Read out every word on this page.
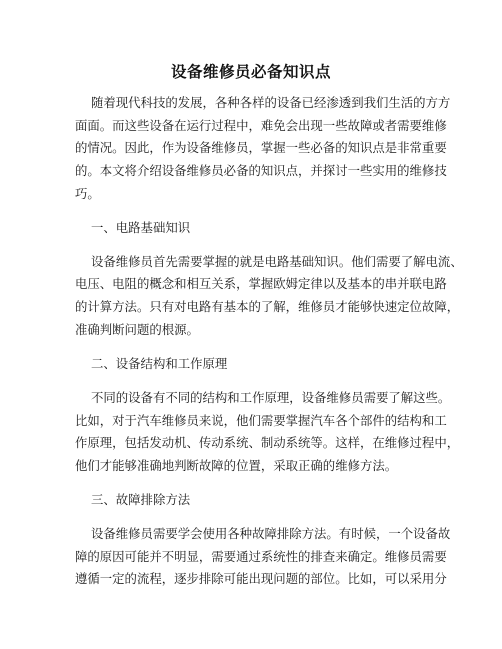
设备维修员必备知识点
随着现代科技的发展，各种各样的设备已经渗透到我们生活的方方
面面。而这些设备在运行过程中，难免会出现一些故障或者需要维修
的情况。因此，作为设备维修员，掌握一些必备的知识点是非常重要
的。本文将介绍设备维修员必备的知识点，并探讨一些实用的维修技
巧。
一、电路基础知识
设备维修员首先需要掌握的就是电路基础知识。他们需要了解电流、
电压、电阻的概念和相互关系，掌握欧姆定律以及基本的串并联电路
的计算方法。只有对电路有基本的了解，维修员才能够快速定位故障，
准确判断问题的根源。
二、设备结构和工作原理
不同的设备有不同的结构和工作原理，设备维修员需要了解这些。
比如，对于汽车维修员来说，他们需要掌握汽车各个部件的结构和工
作原理，包括发动机、传动系统、制动系统等。这样，在维修过程中，
他们才能够准确地判断故障的位置，采取正确的维修方法。
三、故障排除方法
设备维修员需要学会使用各种故障排除方法。有时候，一个设备故
障的原因可能并不明显，需要通过系统性的排查来确定。维修员需要
遵循一定的流程，逐步排除可能出现问题的部位。比如，可以采用分
